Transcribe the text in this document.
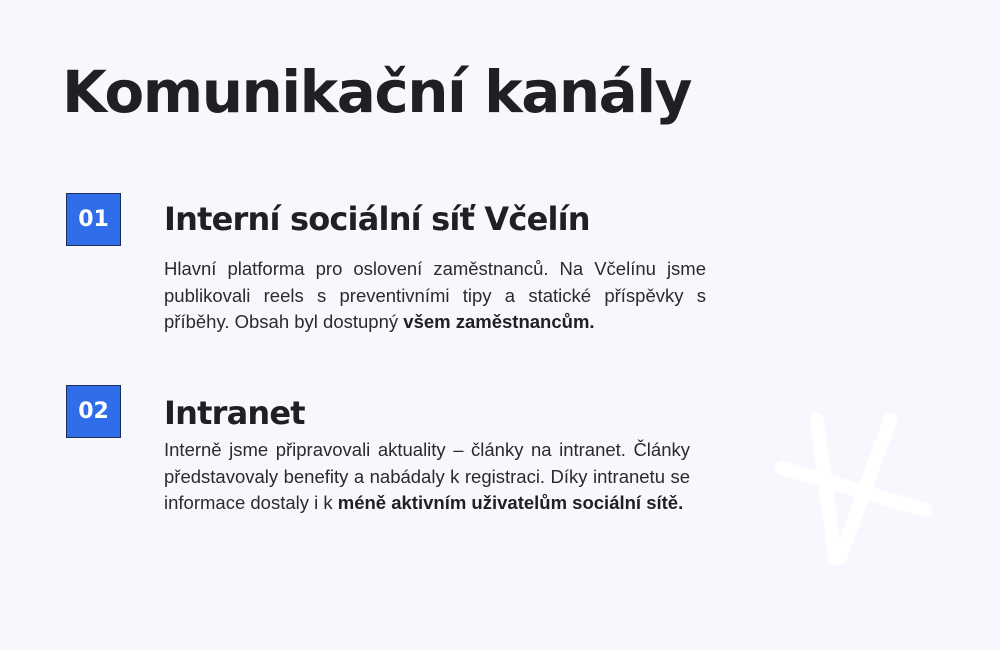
Komunikační kanály
01	Interní sociální síť Včelín

Hlavní platforma pro oslovení zaměstnanců. Na Včelínu jsme publikovali reels s preventivními tipy a statické příspěvky s příběhy. Obsah byl dostupný všem zaměstnancům.

02	Intranet

Interně jsme připravovali aktuality – články na intranet. Články představovaly benefity a nabádaly k registraci. Díky intranetu se informace dostaly i k méně aktivním uživatelům sociální sítě.
